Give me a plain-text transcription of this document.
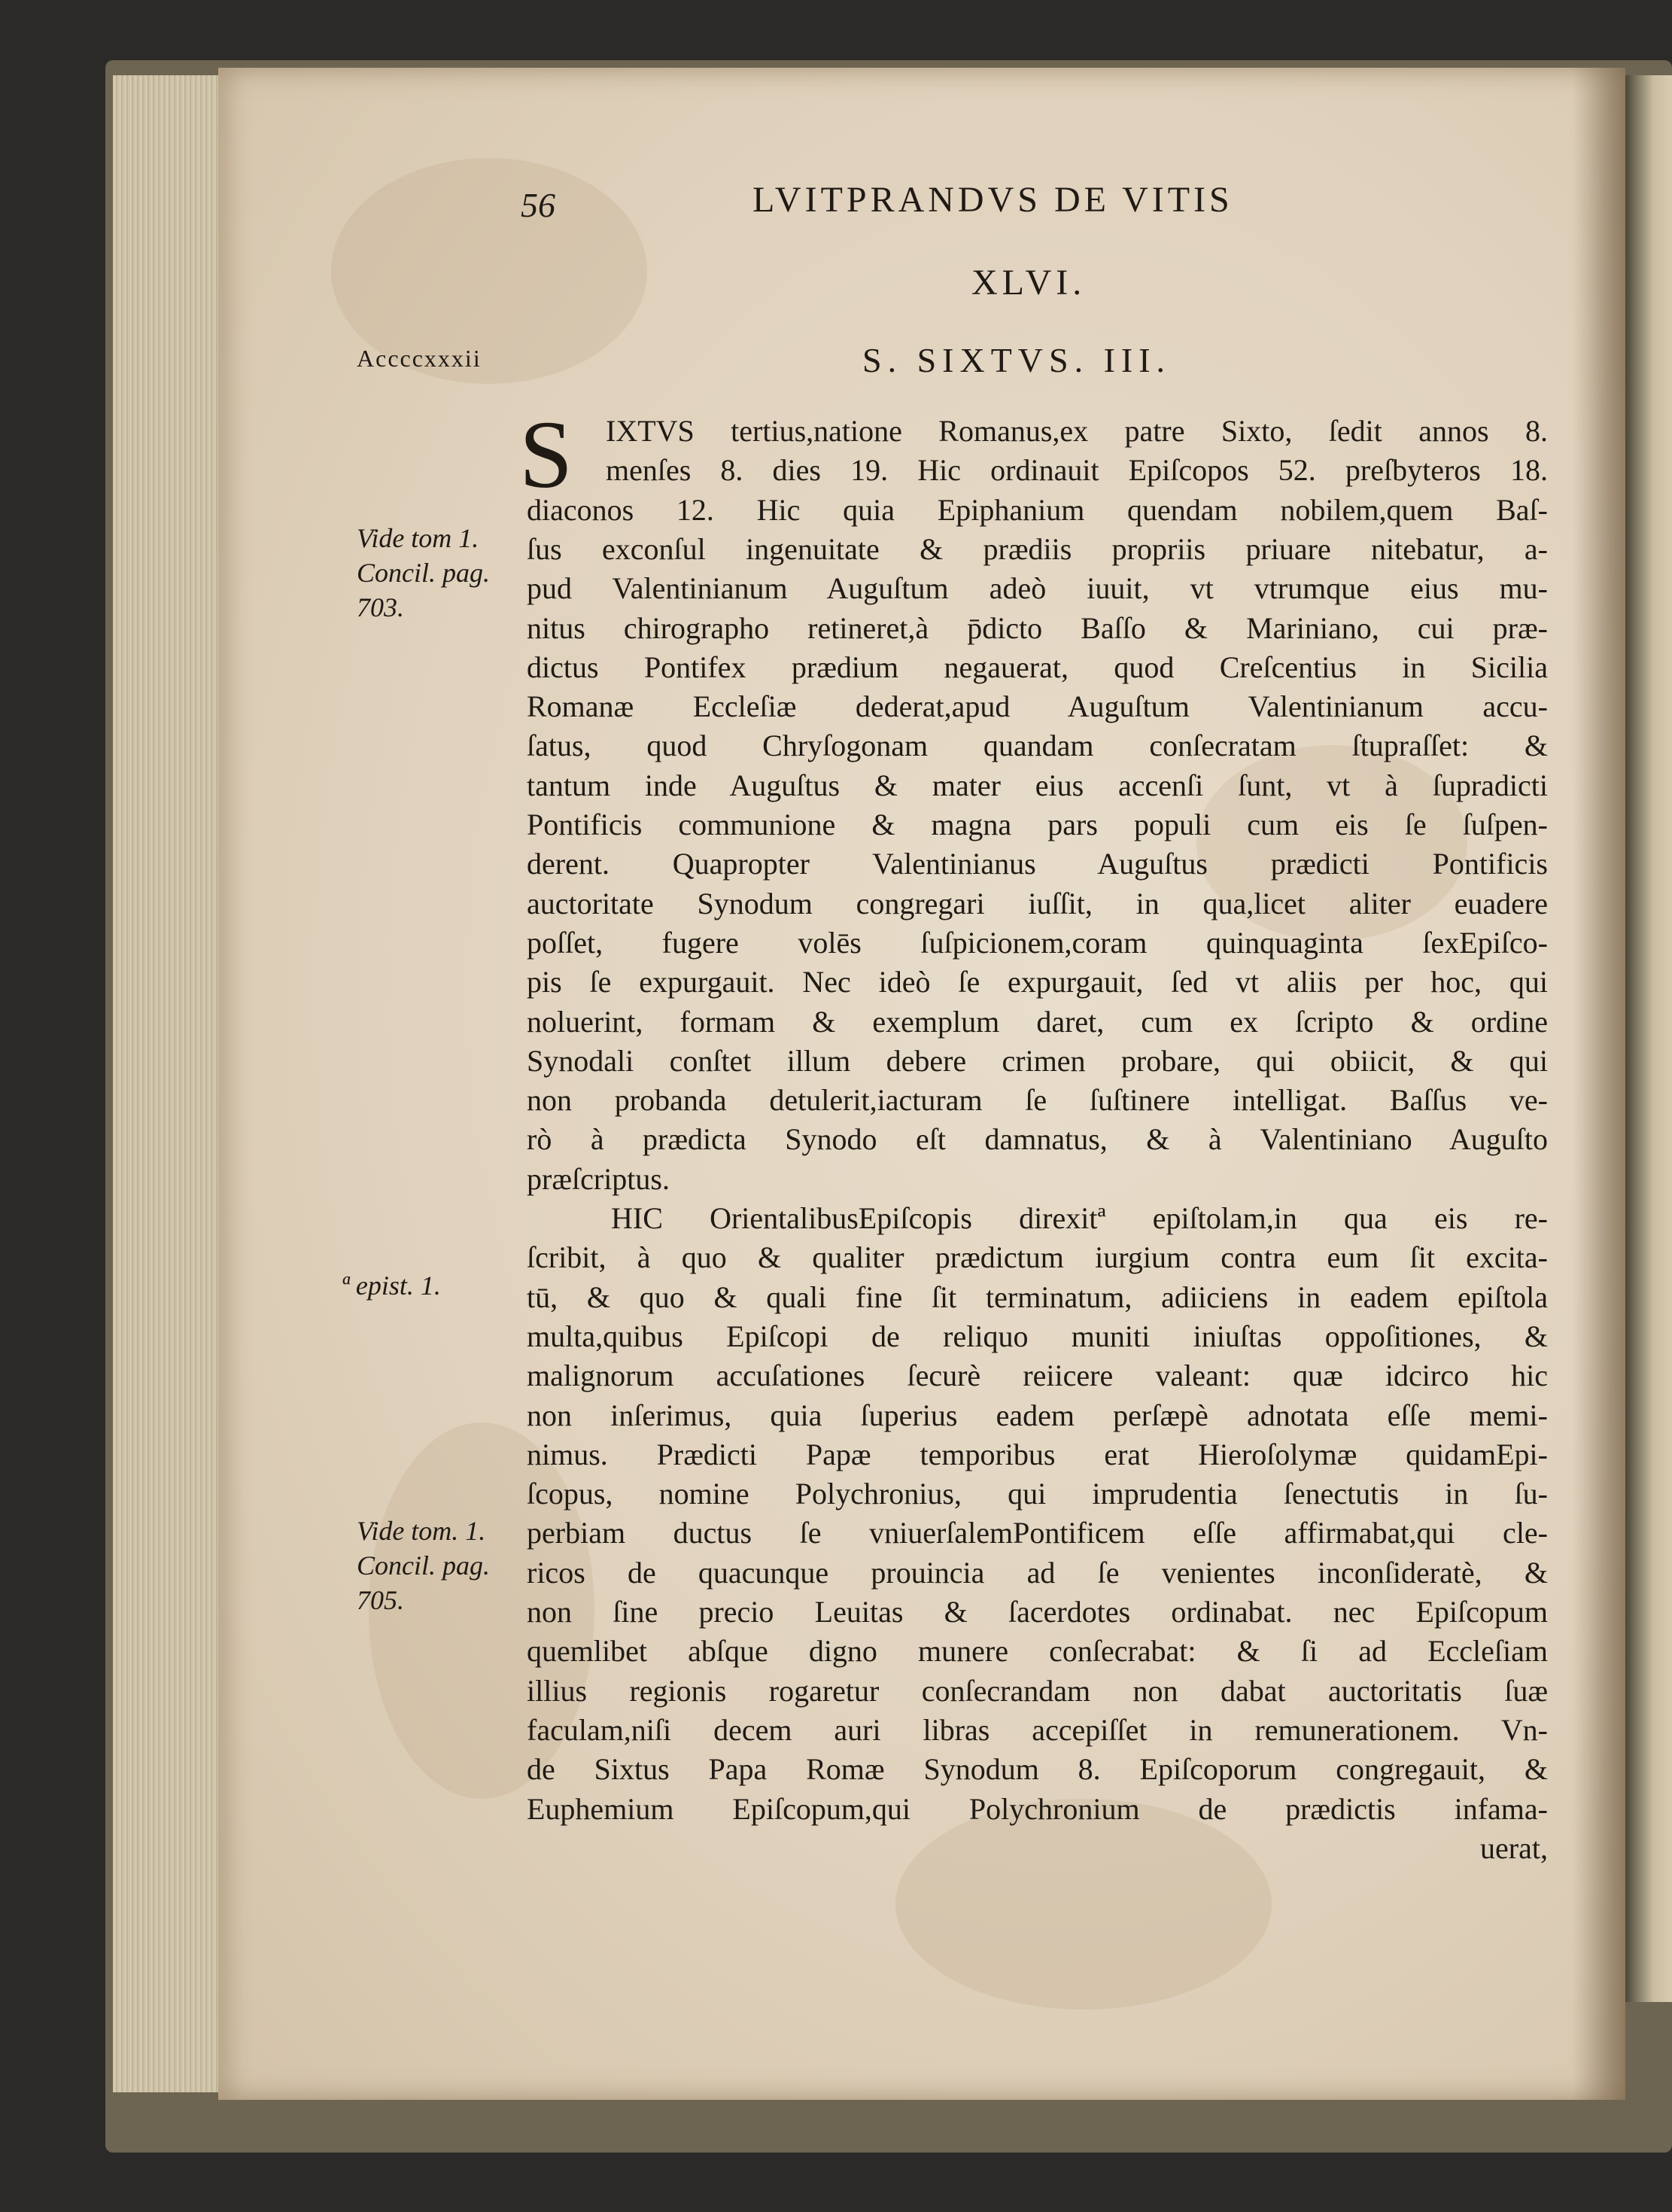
56	LVITPRANDVS DE VITIS
XLVI.
Accccxxxii	S. SIXTVS. III.
Vide tom 1.
Concil. pag.
703.
ª epist. 1.
Vide tom. 1.
Concil. pag.
705.
S IXTVS tertius,natione Romanus,ex patre Sixto, ſedit annos 8.
menſes 8. dies 19. Hic ordinauit Epiſcopos 52. preſbyteros 18.
diaconos 12. Hic quia Epiphanium quendam nobilem,quem Baſ-
ſus exconſul ingenuitate & prædiis propriis priuare nitebatur, a-
pud Valentinianum Auguſtum adeò iuuit, vt vtrumque eius mu-
nitus chirographo retineret,à p̄dicto Baſſo & Mariniano, cui præ-
dictus Pontifex prædium negauerat, quod Creſcentius in Sicilia
Romanæ Eccleſiæ dederat,apud Auguſtum Valentinianum accu-
ſatus, quod Chryſogonam quandam conſecratam ſtupraſſet: &
tantum inde Auguſtus & mater eius accenſi ſunt, vt à ſupradicti
Pontificis communione & magna pars populi cum eis ſe ſuſpen-
derent. Quapropter Valentinianus Auguſtus prædicti Pontificis
auctoritate Synodum congregari iuſſit, in qua,licet aliter euadere
poſſet, fugere volēs ſuſpicionem,coram quinquaginta ſexEpiſco-
pis ſe expurgauit. Nec ideò ſe expurgauit, ſed vt aliis per hoc, qui
noluerint, formam & exemplum daret, cum ex ſcripto & ordine
Synodali conſtet illum debere crimen probare, qui obiicit, & qui
non probanda detulerit,iacturam ſe ſuſtinere intelligat. Baſſus ve-
rò à prædicta Synodo eſt damnatus, & à Valentiniano Auguſto
præſcriptus.
HIC OrientalibusEpiſcopis direxitª epiſtolam,in qua eis re-
ſcribit, à quo & qualiter prædictum iurgium contra eum ſit excita-
tū, & quo & quali fine ſit terminatum, adiiciens in eadem epiſtola
multa,quibus Epiſcopi de reliquo muniti iniuſtas oppoſitiones, &
malignorum accuſationes ſecurè reiicere valeant: quæ idcirco hic
non inſerimus, quia ſuperius eadem perſæpè adnotata eſſe memi-
nimus. Prædicti Papæ temporibus erat Hieroſolymæ quidamEpi-
ſcopus, nomine Polychronius, qui imprudentia ſenectutis in ſu-
perbiam ductus ſe vniuerſalemPontificem eſſe affirmabat,qui cle-
ricos de quacunque prouincia ad ſe venientes inconſideratè, &
non ſine precio Leuitas & ſacerdotes ordinabat. nec Epiſcopum
quemlibet abſque digno munere conſecrabat: & ſi ad Eccleſiam
illius regionis rogaretur conſecrandam non dabat auctoritatis ſuæ
faculam,niſi decem auri libras accepiſſet in remunerationem. Vn-
de Sixtus Papa Romæ Synodum 8. Epiſcoporum congregauit, &
Euphemium Epiſcopum,qui Polychronium de prædictis infama-
uerat,
